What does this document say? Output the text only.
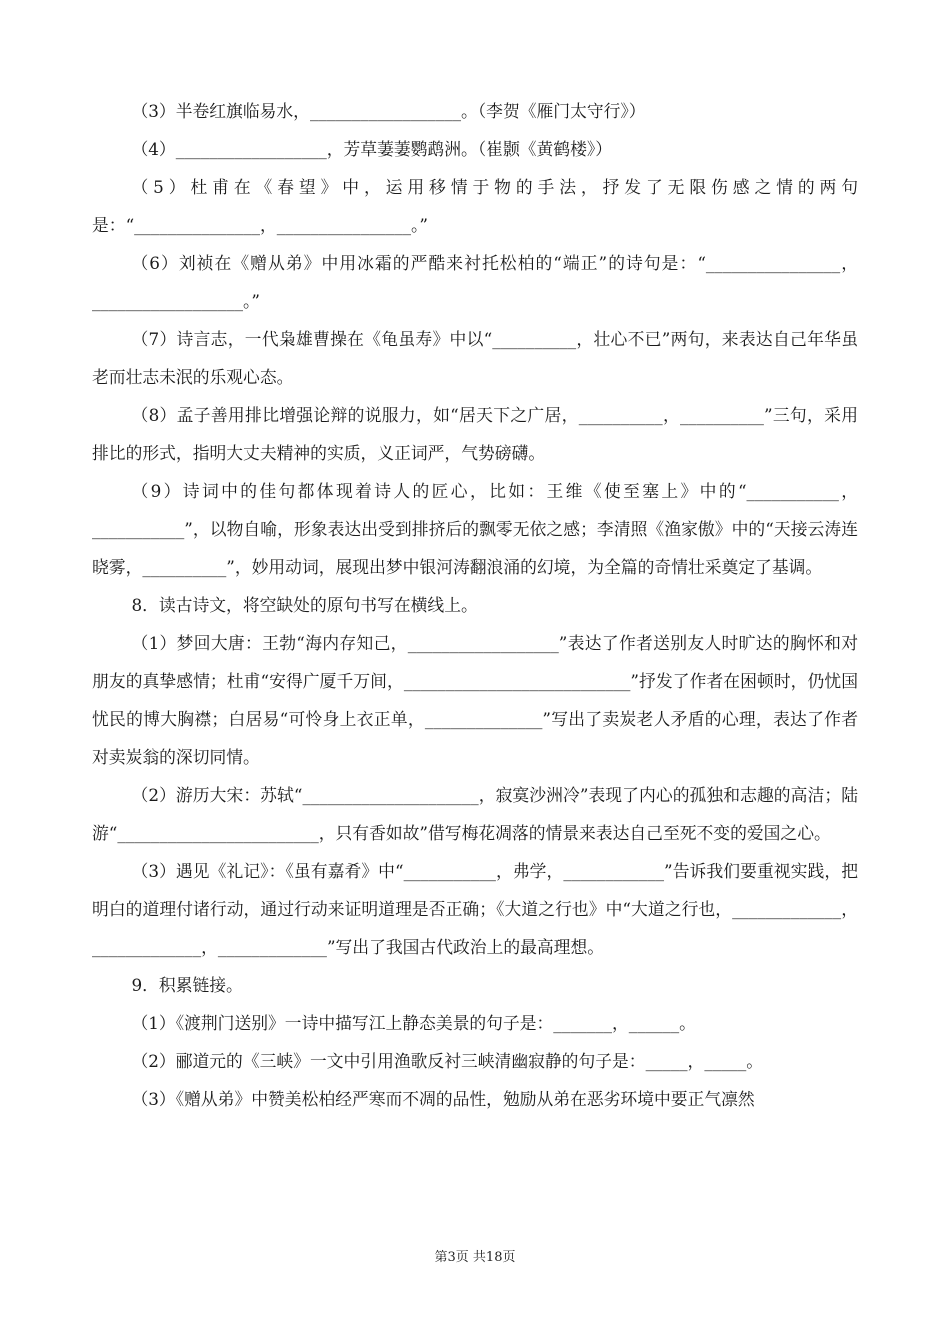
（3）半卷红旗临易水，__________________。（李贺《雁门太守行》）

（4）__________________，芳草萋萋鹦鹉洲。（崔颢《黄鹤楼》）

（5）杜甫在《春望》中，运用移情于物的手法，抒发了无限伤感之情的两句是：“_______________，________________。”

（6）刘祯在《赠从弟》中用冰霜的严酷来衬托松柏的“端正”的诗句是：“________________，__________________。”

（7）诗言志，一代枭雄曹操在《龟虽寿》中以“__________，壮心不已”两句，来表达自己年华虽老而壮志未泯的乐观心态。

（8）孟子善用排比增强论辩的说服力，如“居天下之广居，__________，__________”三句，采用排比的形式，指明大丈夫精神的实质，义正词严，气势磅礴。

（9）诗词中的佳句都体现着诗人的匠心，比如：王维《使至塞上》中的“___________，___________”，以物自喻，形象表达出受到排挤后的飘零无依之感；李清照《渔家傲》中的“天接云涛连晓雾，__________”，妙用动词，展现出梦中银河涛翻浪涌的幻境，为全篇的奇情壮采奠定了基调。

8．读古诗文，将空缺处的原句书写在横线上。

（1）梦回大唐：王勃“海内存知己，__________________”表达了作者送别友人时旷达的胸怀和对朋友的真挚感情；杜甫“安得广厦千万间，___________________________”抒发了作者在困顿时，仍忧国忧民的博大胸襟；白居易“可怜身上衣正单，______________”写出了卖炭老人矛盾的心理，表达了作者对卖炭翁的深切同情。

（2）游历大宋：苏轼“_____________________，寂寞沙洲冷”表现了内心的孤独和志趣的高洁；陆游“________________________，只有香如故”借写梅花凋落的情景来表达自己至死不变的爱国之心。

（3）遇见《礼记》：《虽有嘉肴》中“___________，弗学，____________”告诉我们要重视实践，把明白的道理付诸行动，通过行动来证明道理是否正确；《大道之行也》中“大道之行也，_____________，_____________，_____________”写出了我国古代政治上的最高理想。

9．积累链接。

（1）《渡荆门送别》一诗中描写江上静态美景的句子是：_______，______。

（2）郦道元的《三峡》一文中引用渔歌反衬三峡清幽寂静的句子是：_____，_____。

（3）《赠从弟》中赞美松柏经严寒而不凋的品性，勉励从弟在恶劣环境中要正气凛然

第3页 共18页
